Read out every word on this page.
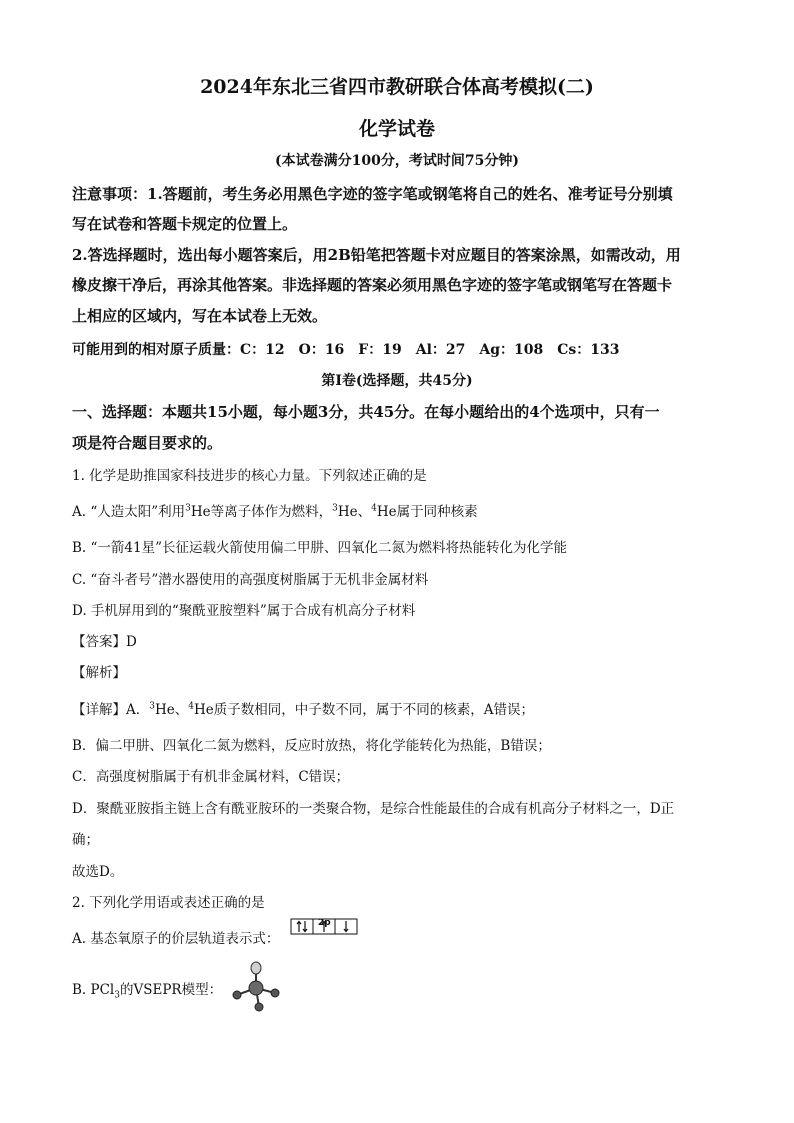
2024年东北三省四市教研联合体高考模拟(二)
化学试卷
(本试卷满分100分，考试时间75分钟)
注意事项：1.答题前，考生务必用黑色字迹的签字笔或钢笔将自己的姓名、准考证号分别填
写在试卷和答题卡规定的位置上。
2.答选择题时，选出每小题答案后，用2B铅笔把答题卡对应题目的答案涂黑，如需改动，用
橡皮擦干净后，再涂其他答案。非选择题的答案必须用黑色字迹的签字笔或钢笔写在答题卡
上相应的区域内，写在本试卷上无效。
可能用到的相对原子质量：C：12　O：16　F：19　Al：27　Ag：108　Cs：133
第Ⅰ卷(选择题，共45分)
一、选择题：本题共15小题，每小题3分，共45分。在每小题给出的4个选项中，只有一
项是符合题目要求的。
1. 化学是助推国家科技进步的核心力量。下列叙述正确的是
A. “人造太阳”利用$^3$He等离子体作为燃料，$^3$He、$^4$He属于同种核素
B. “一箭41星”长征运载火箭使用偏二甲肼、四氧化二氮为燃料将热能转化为化学能
C. “奋斗者号”潜水器使用的高强度树脂属于无机非金属材料
D. 手机屏用到的“聚酰亚胺塑料”属于合成有机高分子材料
【答案】D
【解析】
【详解】A．$^3$He、$^4$He质子数相同，中子数不同，属于不同的核素，A错误；
B．偏二甲肼、四氧化二氮为燃料，反应时放热，将化学能转化为热能，B错误；
C．高强度树脂属于有机非金属材料，C错误；
D．聚酰亚胺指主链上含有酰亚胺环的一类聚合物，是综合性能最佳的合成有机高分子材料之一，D正
确；
故选D。
2. 下列化学用语或表述正确的是
A. 基态氧原子的价层轨道表示式：
2p
B. PCl$_3$的VSEPR模型：
